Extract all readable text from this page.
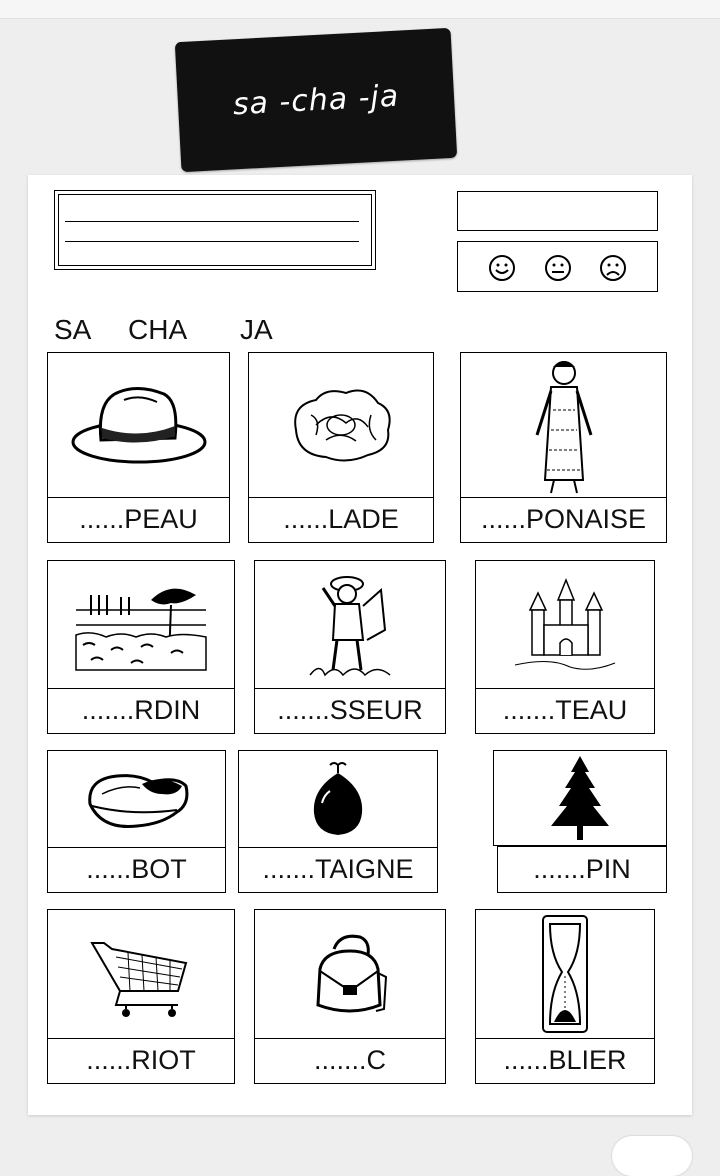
sa -cha -ja
SA CHA JA
......PEAU	......LADE	......PONAISE
.......RDIN	.......SSEUR	.......TEAU
......BOT	.......TAIGNE	.......PIN
......RIOT	.......C	......BLIER
